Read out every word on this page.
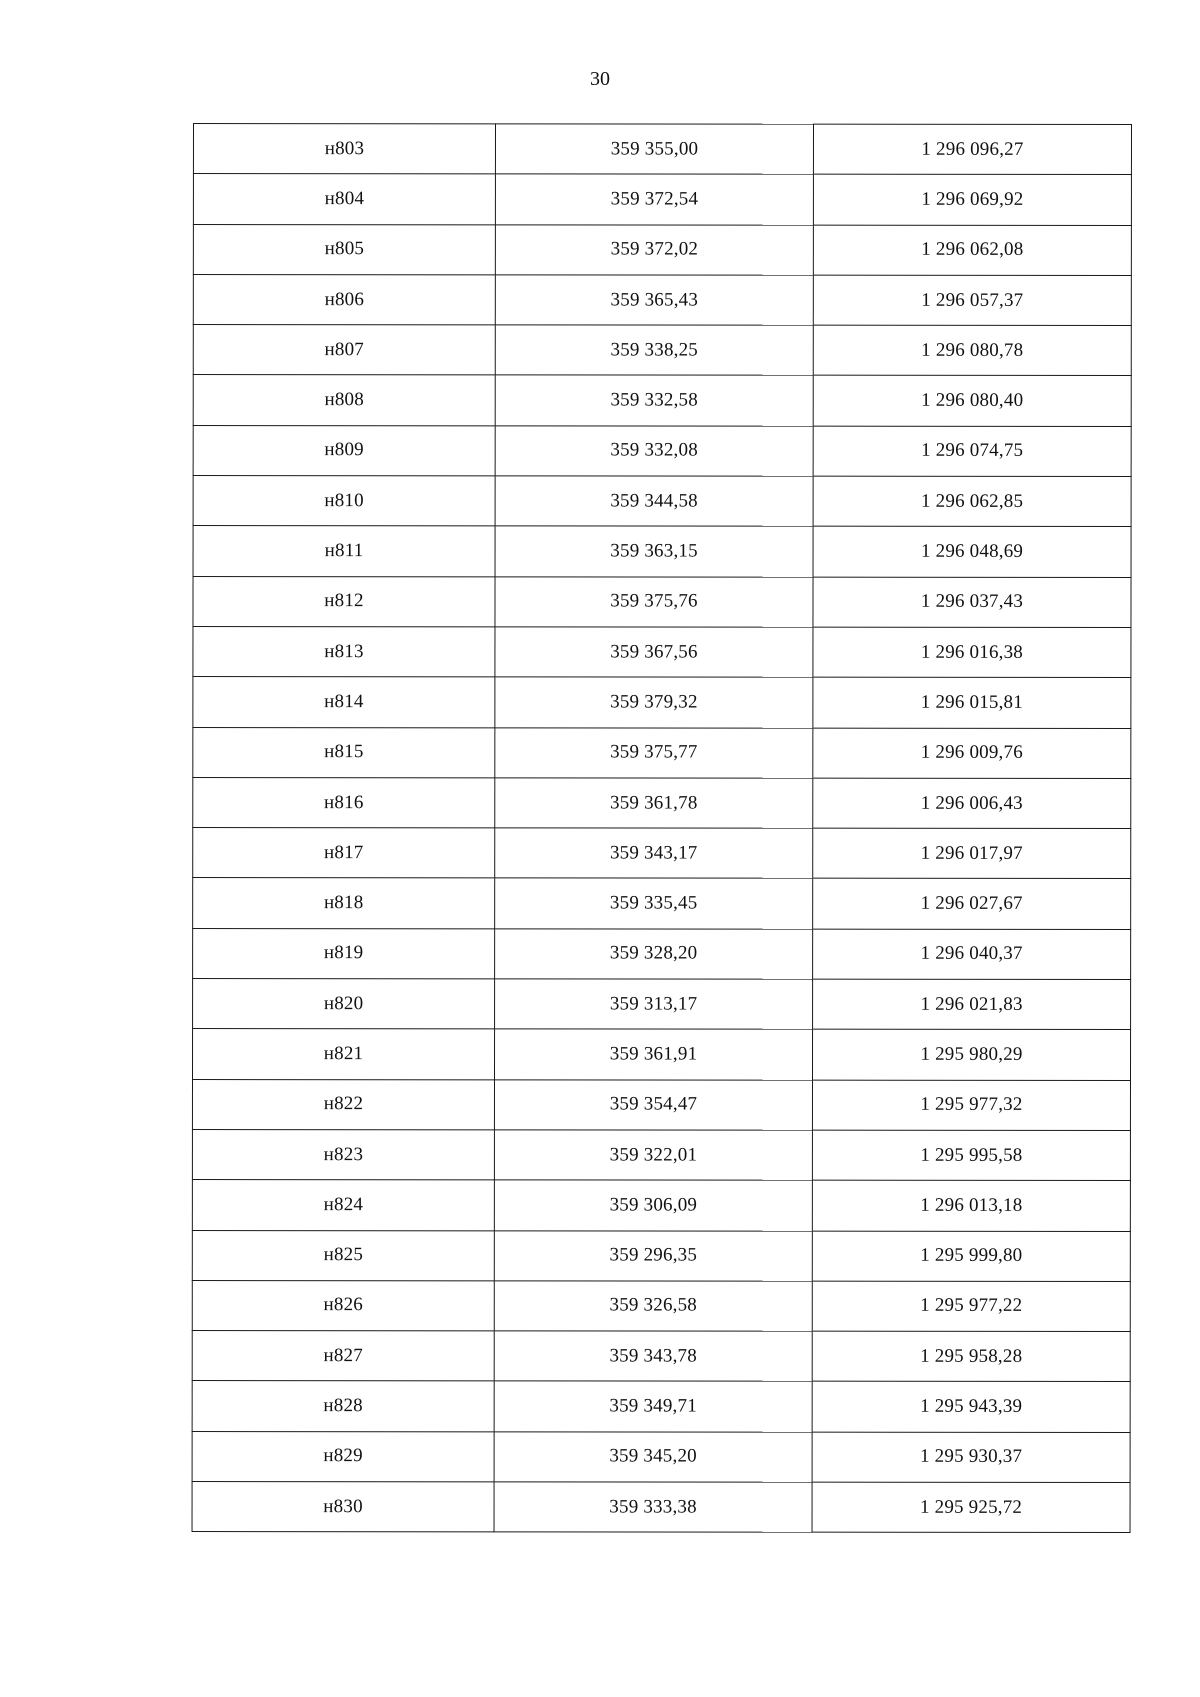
30
н803	359 355,00	1 296 096,27
н804	359 372,54	1 296 069,92
н805	359 372,02	1 296 062,08
н806	359 365,43	1 296 057,37
н807	359 338,25	1 296 080,78
н808	359 332,58	1 296 080,40
н809	359 332,08	1 296 074,75
н810	359 344,58	1 296 062,85
н811	359 363,15	1 296 048,69
н812	359 375,76	1 296 037,43
н813	359 367,56	1 296 016,38
н814	359 379,32	1 296 015,81
н815	359 375,77	1 296 009,76
н816	359 361,78	1 296 006,43
н817	359 343,17	1 296 017,97
н818	359 335,45	1 296 027,67
н819	359 328,20	1 296 040,37
н820	359 313,17	1 296 021,83
н821	359 361,91	1 295 980,29
н822	359 354,47	1 295 977,32
н823	359 322,01	1 295 995,58
н824	359 306,09	1 296 013,18
н825	359 296,35	1 295 999,80
н826	359 326,58	1 295 977,22
н827	359 343,78	1 295 958,28
н828	359 349,71	1 295 943,39
н829	359 345,20	1 295 930,37
н830	359 333,38	1 295 925,72
